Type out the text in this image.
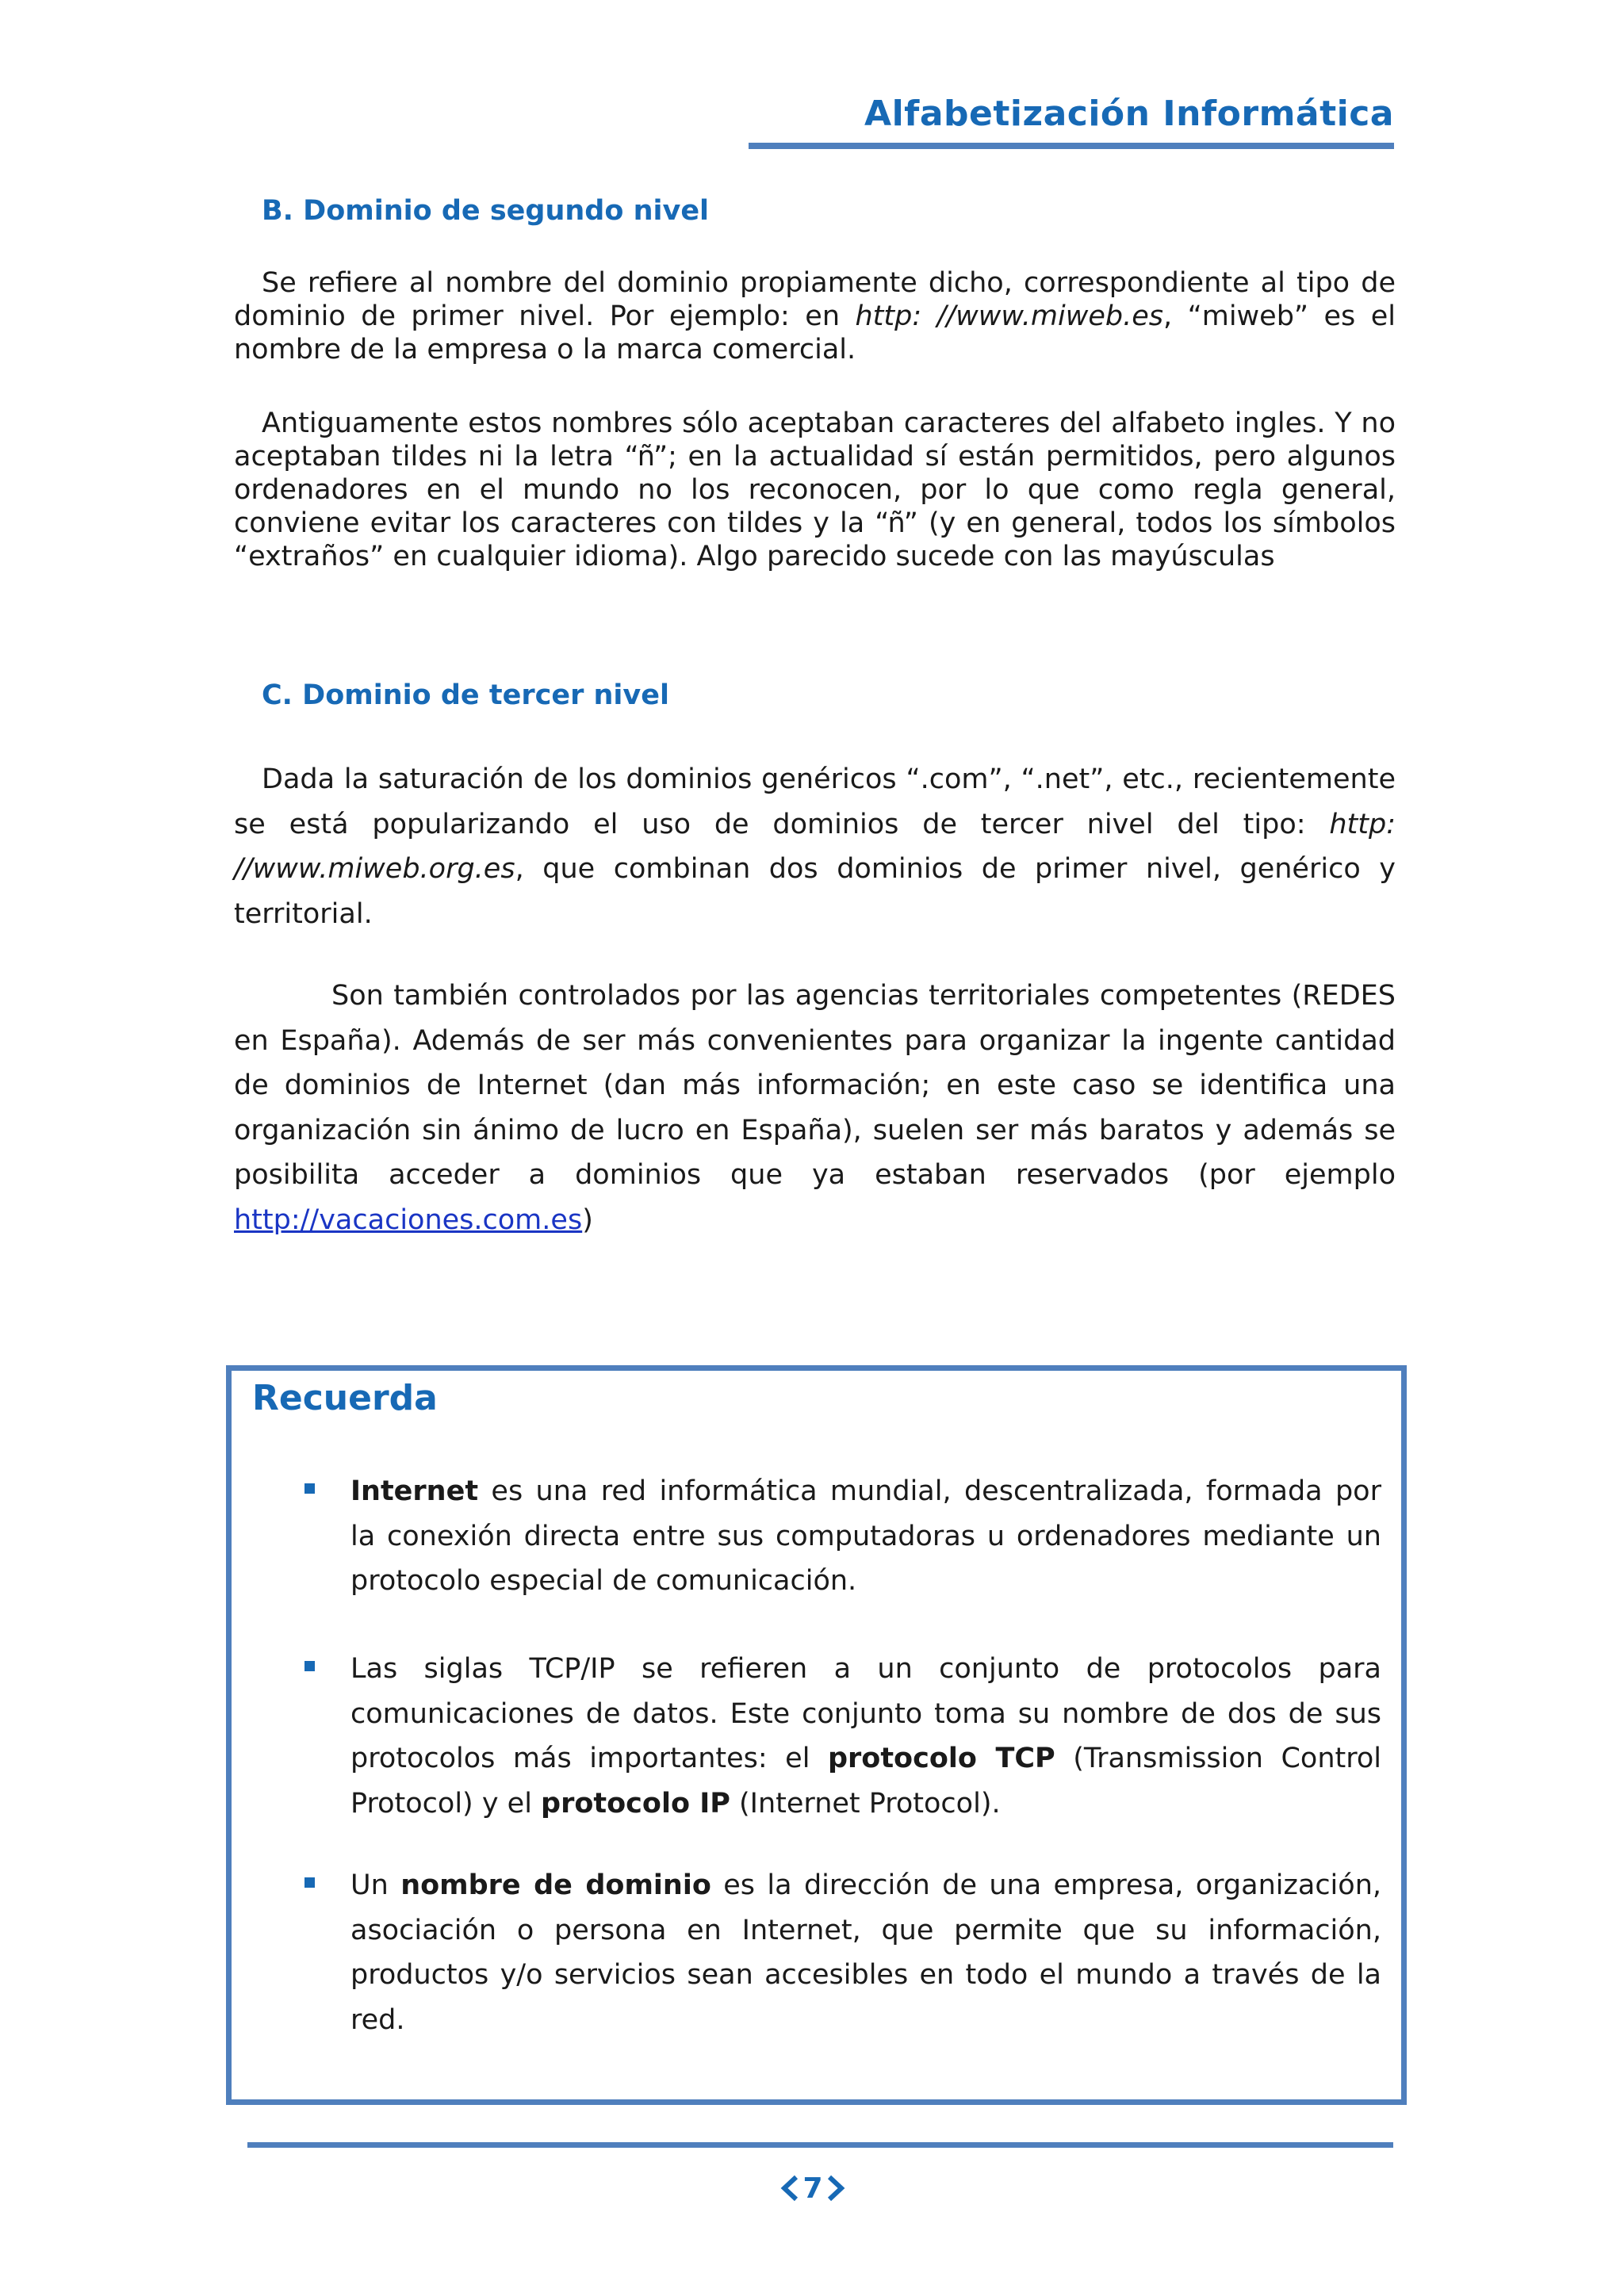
Alfabetización Informática
B. Dominio de segundo nivel

Se refiere al nombre del dominio propiamente dicho, correspondiente al tipo de dominio de primer nivel. Por ejemplo: en http: //www.miweb.es, “miweb” es el nombre de la empresa o la marca comercial.

Antiguamente estos nombres sólo aceptaban caracteres del alfabeto ingles. Y no aceptaban tildes ni la letra “ñ”; en la actualidad sí están permitidos, pero algunos ordenadores en el mundo no los reconocen, por lo que como regla general, conviene evitar los caracteres con tildes y la “ñ” (y en general, todos los símbolos “extraños” en cualquier idioma). Algo parecido sucede con las mayúsculas

C. Dominio de tercer nivel

Dada la saturación de los dominios genéricos “.com”, “.net”, etc., recientemente se está popularizando el uso de dominios de tercer nivel del tipo: http: //www.miweb.org.es, que combinan dos dominios de primer nivel, genérico y territorial.

Son también controlados por las agencias territoriales competentes (REDES en España). Además de ser más convenientes para organizar la ingente cantidad de dominios de Internet (dan más información; en este caso se identifica una organización sin ánimo de lucro en España), suelen ser más baratos y además se posibilita acceder a dominios que ya estaban reservados (por ejemplo http://vacaciones.com.es)

Recuerda

Internet es una red informática mundial, descentralizada, formada por la conexión directa entre sus computadoras u ordenadores mediante un protocolo especial de comunicación.

Las siglas TCP/IP se refieren a un conjunto de protocolos para comunicaciones de datos. Este conjunto toma su nombre de dos de sus protocolos más importantes: el protocolo TCP (Transmission Control Protocol) y el protocolo IP (Internet Protocol).

Un nombre de dominio es la dirección de una empresa, organización, asociación o persona en Internet, que permite que su información, productos y/o servicios sean accesibles en todo el mundo a través de la red.

7
